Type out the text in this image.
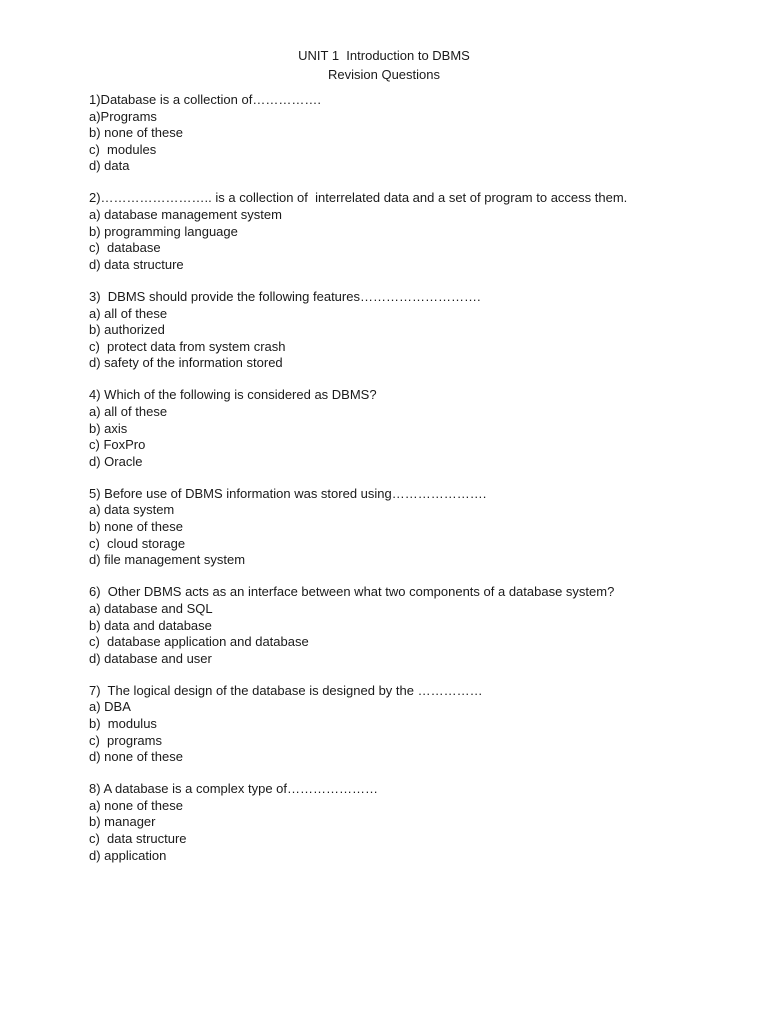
UNIT 1  Introduction to DBMS
Revision Questions
1)Database is a collection of…………….
a)Programs
b) none of these
c)  modules
d) data
2)…………………….. is a collection of  interrelated data and a set of program to access them.
a) database management system
b) programming language
c)  database
d) data structure
3)  DBMS should provide the following features……………………….
a) all of these
b) authorized
c)  protect data from system crash
d) safety of the information stored
4) Which of the following is considered as DBMS?
a) all of these
b) axis
c) FoxPro
d) Oracle
5) Before use of DBMS information was stored using………………….
a) data system
b) none of these
c)  cloud storage
d) file management system
6)  Other DBMS acts as an interface between what two components of a database system?
a) database and SQL
b) data and database
c)  database application and database
d) database and user
7)  The logical design of the database is designed by the ……………
a) DBA
b)  modulus
c)  programs
d) none of these
8) A database is a complex type of…………………
a) none of these
b) manager
c)  data structure
d) application
